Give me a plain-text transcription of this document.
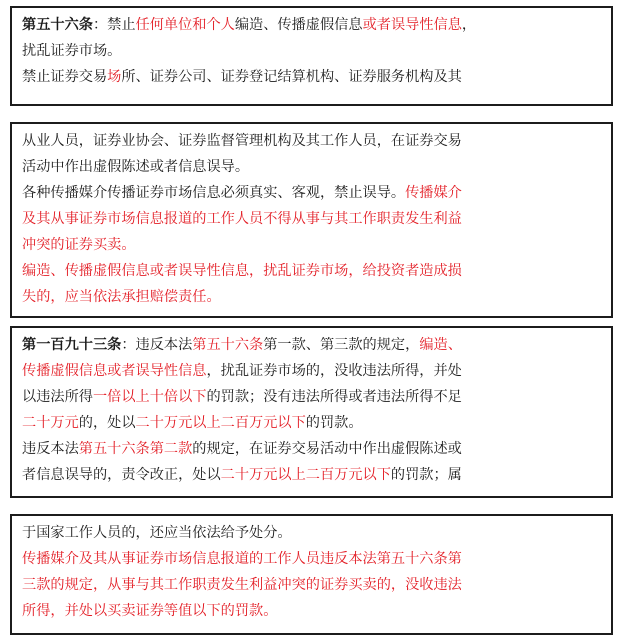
第五十六条：禁止任何单位和个人编造、传播虚假信息或者误导性信息，
扰乱证券市场。
禁止证券交易场所、证券公司、证券登记结算机构、证券服务机构及其
从业人员，证券业协会、证券监督管理机构及其工作人员，在证券交易
活动中作出虚假陈述或者信息误导。
各种传播媒介传播证券市场信息必须真实、客观，禁止误导。传播媒介
及其从事证券市场信息报道的工作人员不得从事与其工作职责发生利益
冲突的证券买卖。
编造、传播虚假信息或者误导性信息，扰乱证券市场，给投资者造成损
失的，应当依法承担赔偿责任。
第一百九十三条：违反本法第五十六条第一款、第三款的规定，编造、
传播虚假信息或者误导性信息，扰乱证券市场的，没收违法所得，并处
以违法所得一倍以上十倍以下的罚款；没有违法所得或者违法所得不足
二十万元的，处以二十万元以上二百万元以下的罚款。
违反本法第五十六条第二款的规定，在证券交易活动中作出虚假陈述或
者信息误导的，责令改正，处以二十万元以上二百万元以下的罚款；属
于国家工作人员的，还应当依法给予处分。
传播媒介及其从事证券市场信息报道的工作人员违反本法第五十六条第
三款的规定，从事与其工作职责发生利益冲突的证券买卖的，没收违法
所得，并处以买卖证券等值以下的罚款。
